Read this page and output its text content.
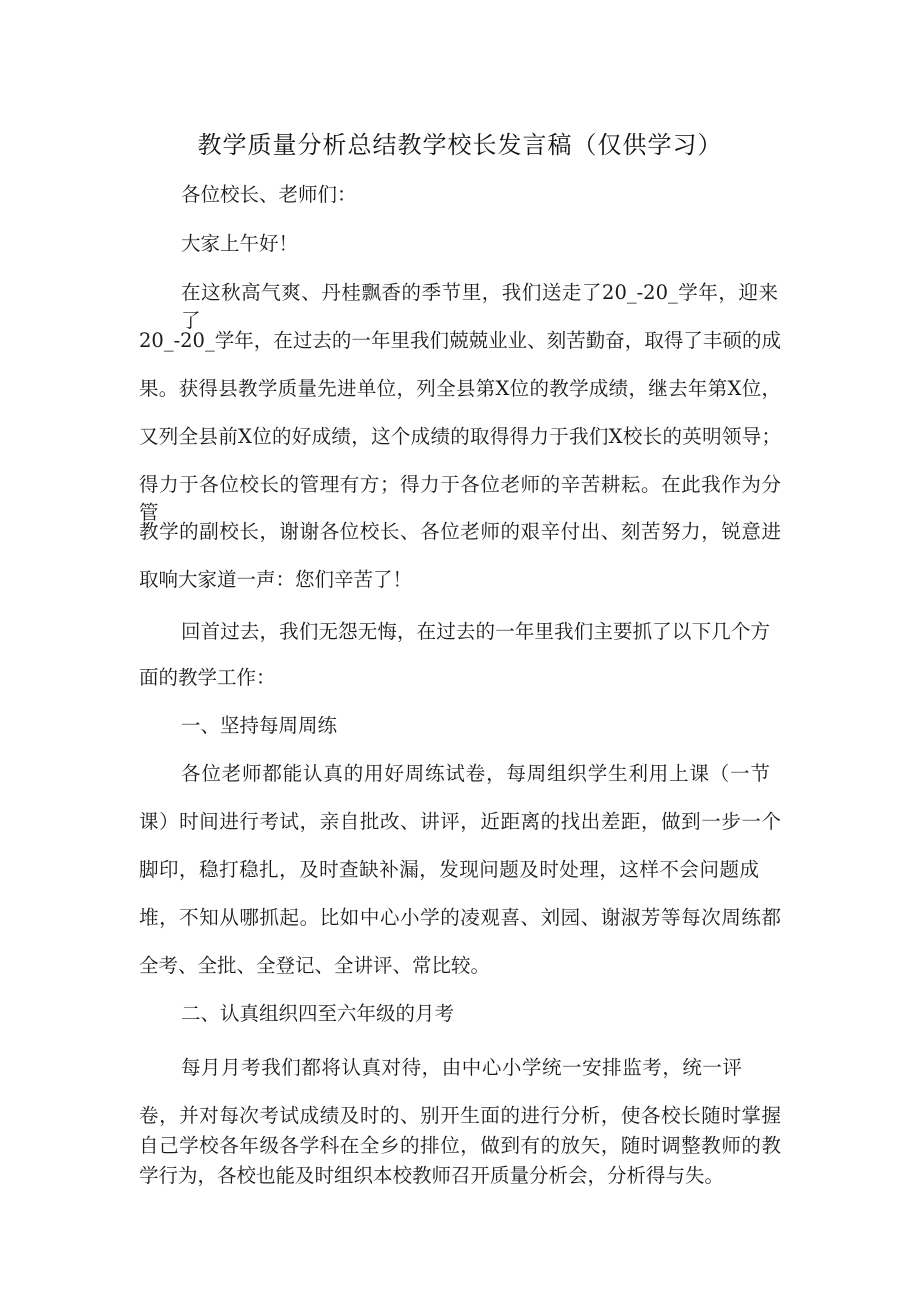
教学质量分析总结教学校长发言稿（仅供学习）
各位校长、老师们：
大家上午好！
在这秋高气爽、丹桂飘香的季节里，我们送走了20_-20_学年，迎来了
20_-20_学年，在过去的一年里我们兢兢业业、刻苦勤奋，取得了丰硕的成
果。获得县教学质量先进单位，列全县第X位的教学成绩，继去年第X位，
又列全县前X位的好成绩，这个成绩的取得得力于我们X校长的英明领导；
得力于各位校长的管理有方；得力于各位老师的辛苦耕耘。在此我作为分管
教学的副校长，谢谢各位校长、各位老师的艰辛付出、刻苦努力，锐意进
取响大家道一声：您们辛苦了！
回首过去，我们无怨无悔，在过去的一年里我们主要抓了以下几个方
面的教学工作：
一、坚持每周周练
各位老师都能认真的用好周练试卷，每周组织学生利用上课（一节
课）时间进行考试，亲自批改、讲评，近距离的找出差距，做到一步一个
脚印，稳打稳扎，及时查缺补漏，发现问题及时处理，这样不会问题成
堆，不知从哪抓起。比如中心小学的凌观喜、刘园、谢淑芳等每次周练都
全考、全批、全登记、全讲评、常比较。
二、认真组织四至六年级的月考
每月月考我们都将认真对待，由中心小学统一安排监考，统一评
卷，并对每次考试成绩及时的、别开生面的进行分析，使各校长随时掌握
自己学校各年级各学科在全乡的排位，做到有的放矢，随时调整教师的教
学行为，各校也能及时组织本校教师召开质量分析会，分析得与失。
